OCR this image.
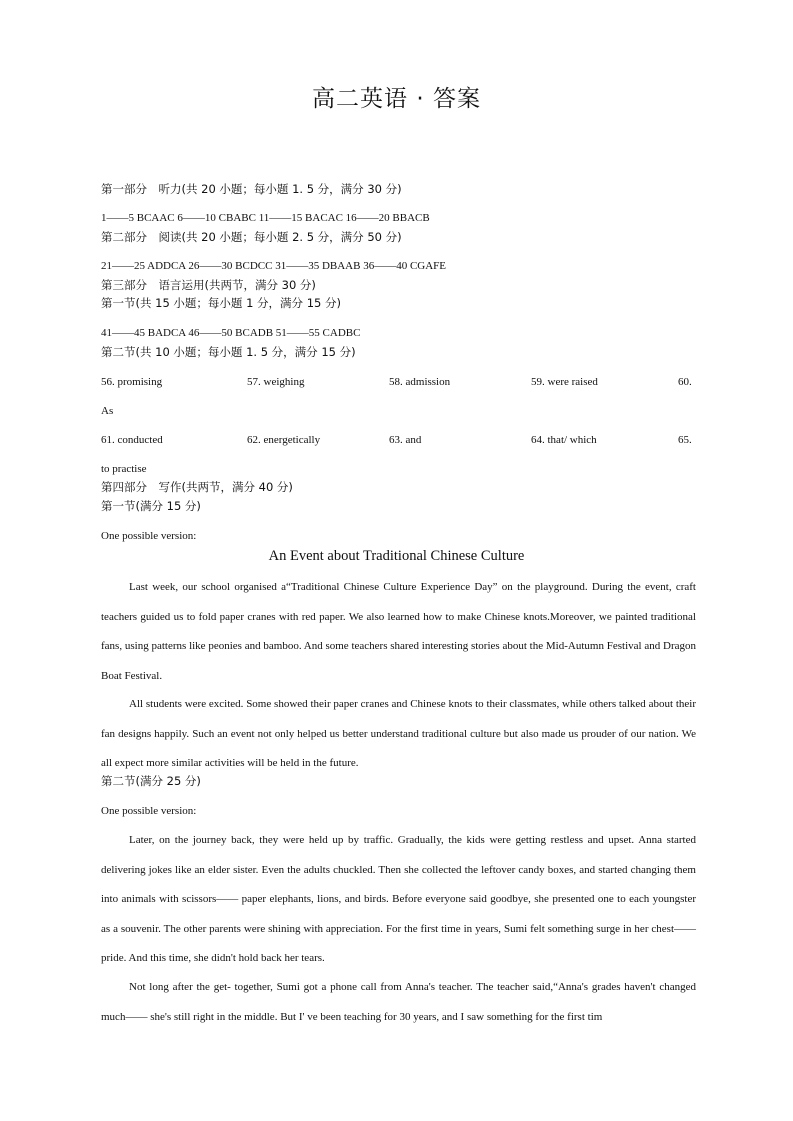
高二英语 · 答案
第一部分　听力(共 20 小题；每小题 1. 5 分，满分 30 分)
1——5 BCAAC 6——10 CBABC 11——15 BACAC 16——20 BBACB
第二部分　阅读(共 20 小题；每小题 2. 5 分，满分 50 分)
21——25 ADDCA 26——30 BCDCC 31——35 DBAAB 36——40 CGAFE
第三部分　语言运用(共两节，满分 30 分)
第一节(共 15 小题；每小题 1 分，满分 15 分)
41——45 BADCA 46——50 BCADB 51——55 CADBC
第二节(共 10 小题；每小题 1. 5 分，满分 15 分)
56. promising	57. weighing	58. admission	59. were raised	60.
As
61. conducted	62. energetically	63. and	64. that/ which	65.
to practise
第四部分　写作(共两节，满分 40 分)
第一节(满分 15 分)
One possible version:
An Event about Traditional Chinese Culture
Last week, our school organised a“Traditional Chinese Culture Experience Day” on the playground. During the event, craft teachers guided us to fold paper cranes with red paper. We also learned how to make Chinese knots.Moreover, we painted traditional fans, using patterns like peonies and bamboo. And some teachers shared interesting stories about the Mid-Autumn Festival and Dragon Boat Festival.
All students were excited. Some showed their paper cranes and Chinese knots to their classmates, while others talked about their fan designs happily. Such an event not only helped us better understand traditional culture but also made us prouder of our nation. We all expect more similar activities will be held in the future.
第二节(满分 25 分)
One possible version:
Later, on the journey back, they were held up by traffic. Gradually, the kids were getting restless and upset. Anna started delivering jokes like an elder sister. Even the adults chuckled. Then she collected the leftover candy boxes, and started changing them into animals with scissors—— paper elephants, lions, and birds. Before everyone said goodbye, she presented one to each youngster as a souvenir. The other parents were shining with appreciation. For the first time in years, Sumi felt something surge in her chest—— pride. And this time, she didn't hold back her tears.
Not long after the get- together, Sumi got a phone call from Anna's teacher. The teacher said,“Anna's grades haven't changed much—— she's still right in the middle. But I' ve been teaching for 30 years, and I saw something for the first tim
